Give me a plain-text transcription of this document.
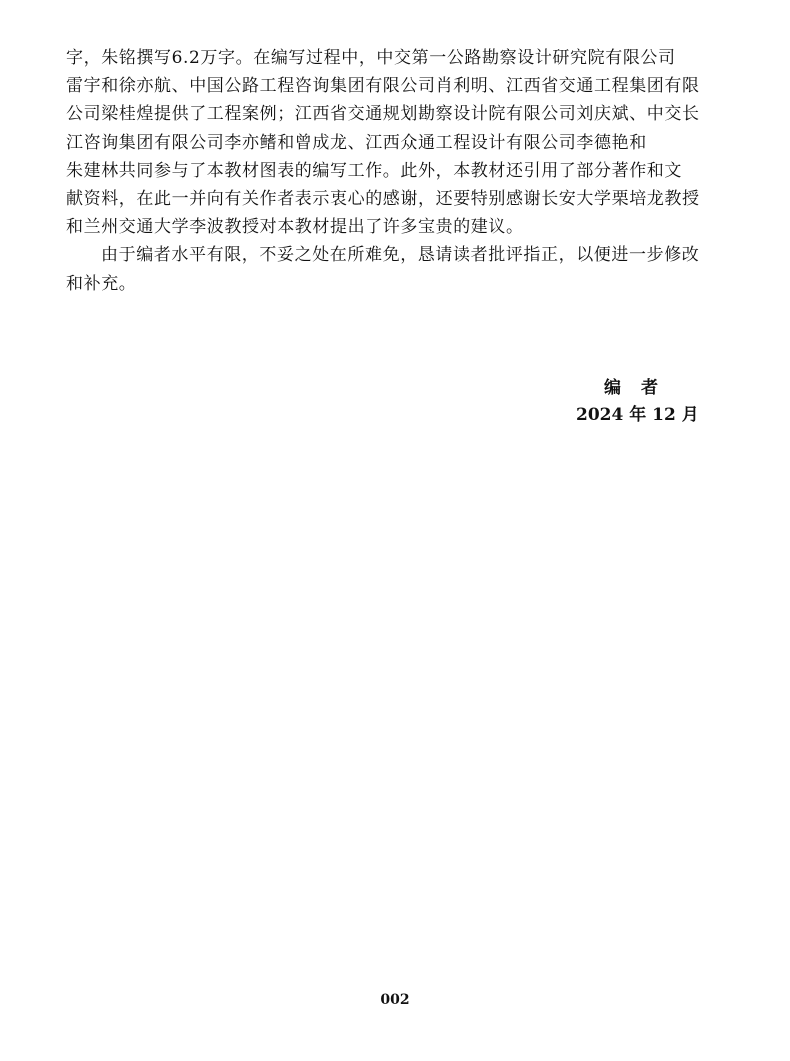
字，朱铭撰写6.2万字。在编写过程中，中交第一公路勘察设计研究院有限公司
雷宇和徐亦航、中国公路工程咨询集团有限公司肖利明、江西省交通工程集团有限
公司梁桂煌提供了工程案例；江西省交通规划勘察设计院有限公司刘庆斌、中交长
江咨询集团有限公司李亦鳍和曾成龙、江西众通工程设计有限公司李德艳和
朱建林共同参与了本教材图表的编写工作。此外，本教材还引用了部分著作和文
献资料，在此一并向有关作者表示衷心的感谢，还要特别感谢长安大学栗培龙教授
和兰州交通大学李波教授对本教材提出了许多宝贵的建议。

由于编者水平有限，不妥之处在所难免，恳请读者批评指正，以便进一步修改
和补充。

编者
2024 年 12 月
002
